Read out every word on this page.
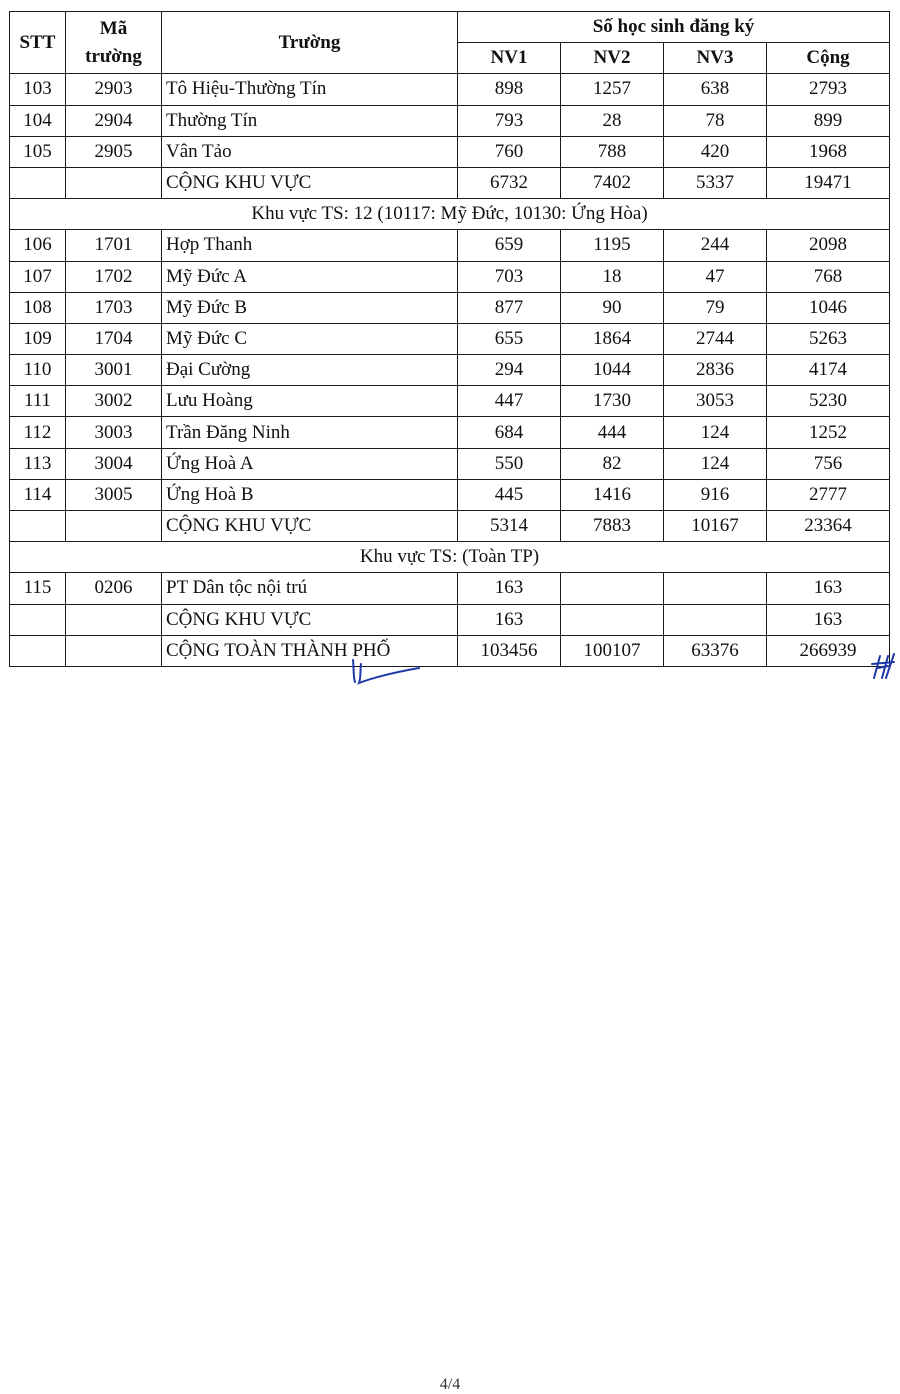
STT	Mã trường	Trường	Số học sinh đăng ký			
			NV1	NV2	NV3	Cộng
103	2903	Tô Hiệu-Thường Tín	898	1257	638	2793
104	2904	Thường Tín	793	28	78	899
105	2905	Vân Tảo	760	788	420	1968
		CỘNG KHU VỰC	6732	7402	5337	19471
Khu vực TS: 12 (10117: Mỹ Đức, 10130: Ứng Hòa)						
106	1701	Hợp Thanh	659	1195	244	2098
107	1702	Mỹ Đức A	703	18	47	768
108	1703	Mỹ Đức B	877	90	79	1046
109	1704	Mỹ Đức C	655	1864	2744	5263
110	3001	Đại Cường	294	1044	2836	4174
111	3002	Lưu Hoàng	447	1730	3053	5230
112	3003	Trần Đăng Ninh	684	444	124	1252
113	3004	Ứng Hoà A	550	82	124	756
114	3005	Ứng Hoà B	445	1416	916	2777
		CỘNG KHU VỰC	5314	7883	10167	23364
Khu vực TS: (Toàn TP)						
115	0206	PT Dân tộc nội trú	163			163
		CỘNG KHU VỰC	163			163
		CỘNG TOÀN THÀNH PHỐ	103456	100107	63376	266939
4/4
